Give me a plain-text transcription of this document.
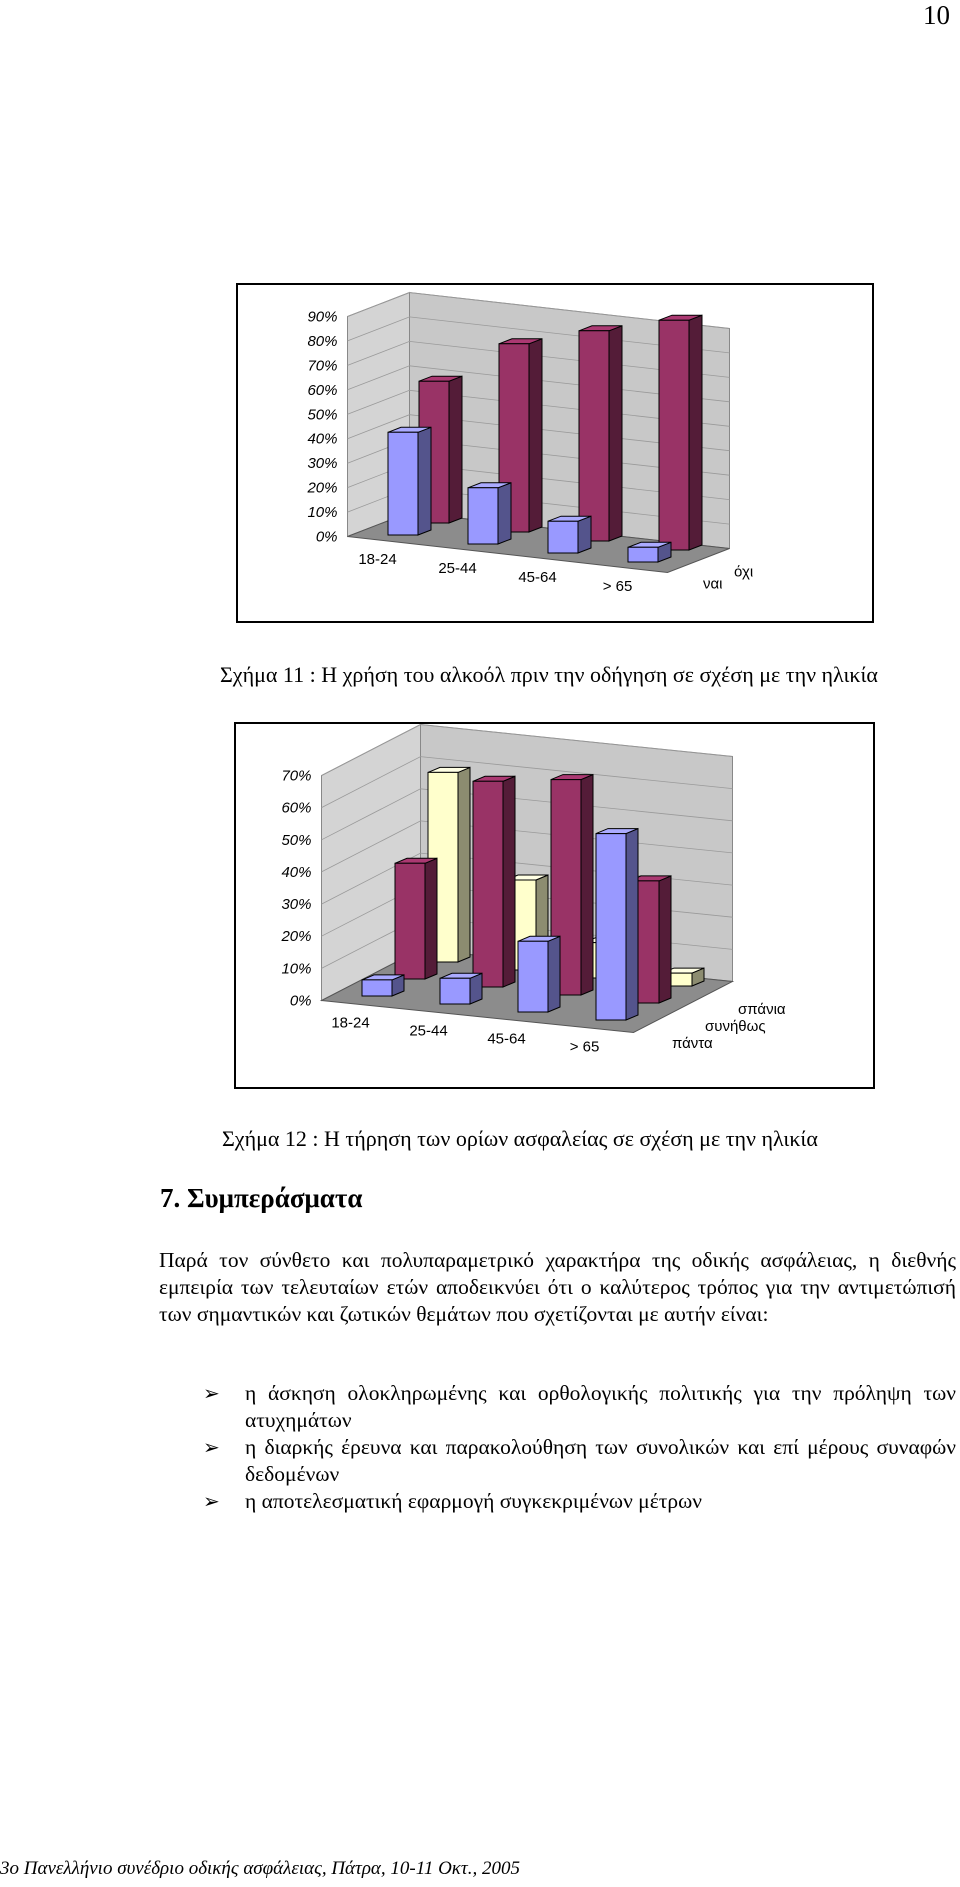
10
0%
10%
20%
30%
40%
50%
60%
70%
80%
90%
18-24
25-44
45-64
> 65	ναι
όχι
Σχήμα 11 : Η χρήση του αλκοόλ πριν την οδήγηση σε σχέση με την ηλικία
0%
10%
20%
30%
40%
50%
60%
70%
18-24	25-44	45-64	> 65	πάντα
συνήθως
σπάνια
Σχήμα 12 : Η τήρηση των ορίων ασφαλείας σε σχέση με την ηλικία
7. Συμπεράσματα

Παρά τον σύνθετο και πολυπαραμετρικό χαρακτήρα της οδικής ασφάλειας, η διεθνής εμπειρία των τελευταίων ετών αποδεικνύει ότι ο καλύτερος τρόπος για την αντιμετώπισή των σημαντικών και ζωτικών θεμάτων που σχετίζονται με αυτήν είναι:

➢ η άσκηση ολοκληρωμένης και ορθολογικής πολιτικής για την πρόληψη των ατυχημάτων
➢ η διαρκής έρευνα και παρακολούθηση των συνολικών και επί μέρους συναφών δεδομένων
➢ η αποτελεσματική εφαρμογή συγκεκριμένων μέτρων
3ο Πανελλήνιο συνέδριο οδικής ασφάλειας, Πάτρα, 10-11 Οκτ., 2005
